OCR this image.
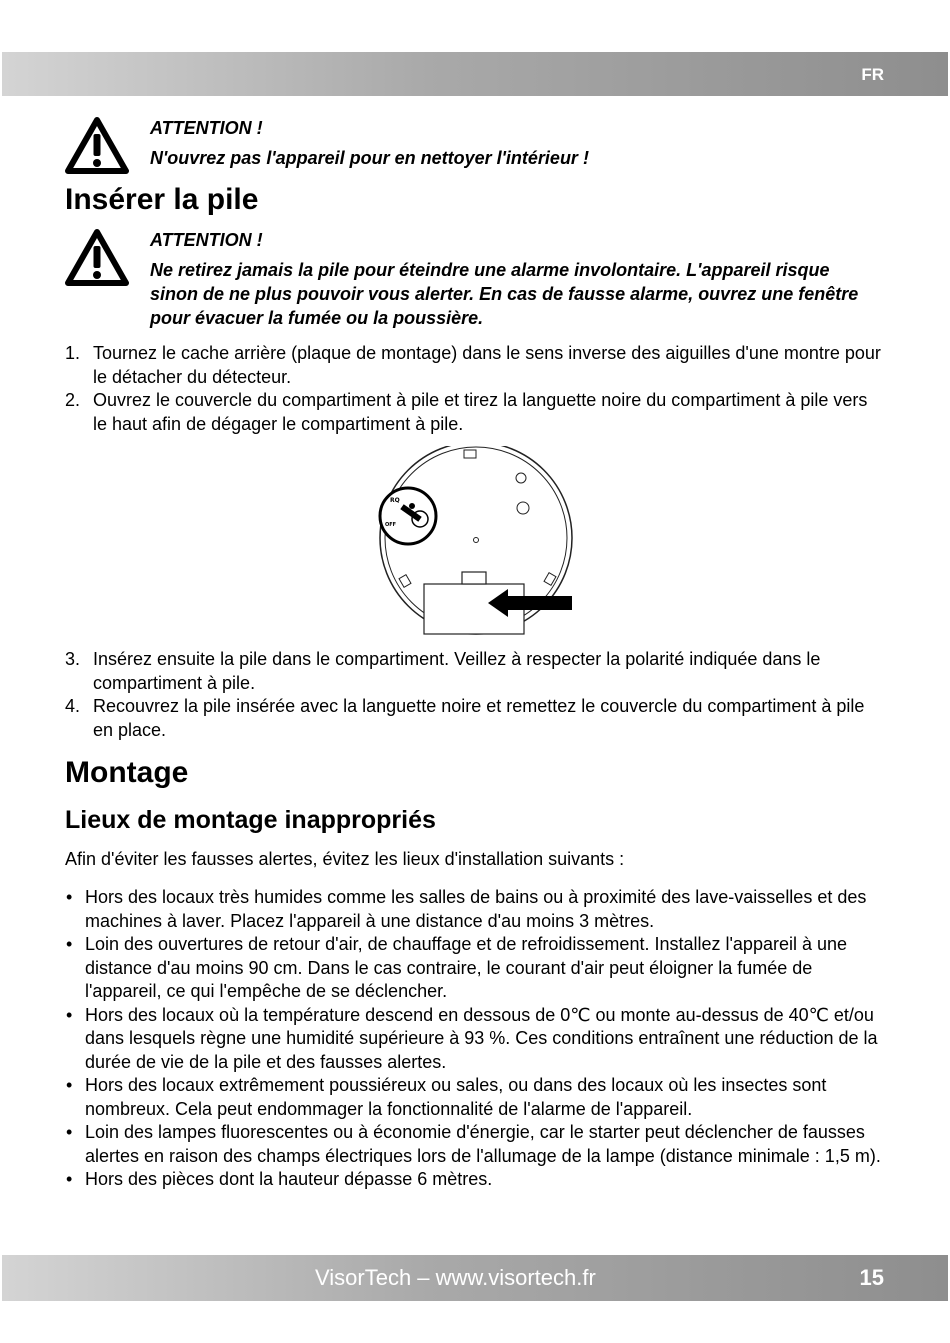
FR

ATTENTION !

N'ouvrez pas l'appareil pour en nettoyer l'intérieur !

Insérer la pile

ATTENTION !

Ne retirez jamais la pile pour éteindre une alarme involontaire. L'appareil risque sinon de ne plus pouvoir vous alerter. En cas de fausse alarme, ouvrez une fenêtre pour évacuer la fumée ou la poussière.

1. Tournez le cache arrière (plaque de montage) dans le sens inverse des aiguilles d'une montre pour le détacher du détecteur.
2. Ouvrez le couvercle du compartiment à pile et tirez la languette noire du compartiment à pile vers le haut afin de dégager le compartiment à pile.
RQ
OFF
3. Insérez ensuite la pile dans le compartiment. Veillez à respecter la polarité indiquée dans le compartiment à pile.
4. Recouvrez la pile insérée avec la languette noire et remettez le couvercle du compartiment à pile en place.
Montage
Lieux de montage inappropriés

Afin d'éviter les fausses alertes, évitez les lieux d'installation suivants :

• Hors des locaux très humides comme les salles de bains ou à proximité des lave-vaisselles et des machines à laver. Placez l'appareil à une distance d'au moins 3 mètres.
• Loin des ouvertures de retour d'air, de chauffage et de refroidissement. Installez l'appareil à une distance d'au moins 90 cm. Dans le cas contraire, le courant d'air peut éloigner la fumée de l'appareil, ce qui l'empêche de se déclencher.
• Hors des locaux où la température descend en dessous de 0℃ ou monte au-dessus de 40℃ et/ou dans lesquels règne une humidité supérieure à 93 %. Ces conditions entraînent une réduction de la durée de vie de la pile et des fausses alertes.
• Hors des locaux extrêmement poussiéreux ou sales, ou dans des locaux où les insectes sont nombreux. Cela peut endommager la fonctionnalité de l'alarme de l'appareil.
• Loin des lampes fluorescentes ou à économie d'énergie, car le starter peut déclencher de fausses alertes en raison des champs électriques lors de l'allumage de la lampe (distance minimale : 1,5 m).
• Hors des pièces dont la hauteur dépasse 6 mètres.
VisorTech – www.visortech.fr	15
